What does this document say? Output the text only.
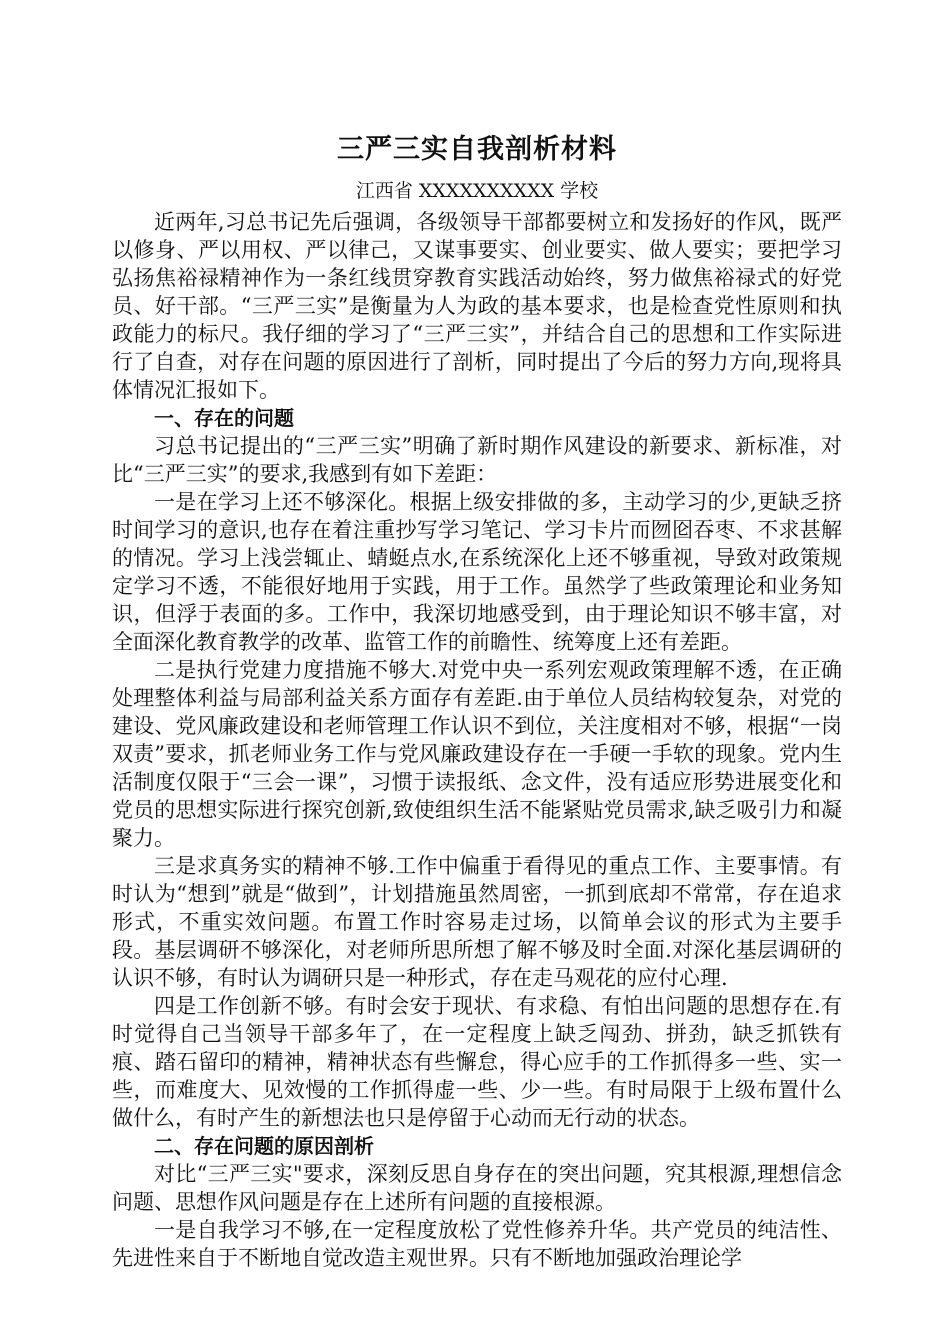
三严三实自我剖析材料
江西省 XXXXXXXXXX 学校

近两年,习总书记先后强调，各级领导干部都要树立和发扬好的作风，既严以修身、严以用权、严以律己，又谋事要实、创业要实、做人要实；要把学习弘扬焦裕禄精神作为一条红线贯穿教育实践活动始终，努力做焦裕禄式的好党员、好干部。“三严三实”是衡量为人为政的基本要求，也是检查党性原则和执政能力的标尺。我仔细的学习了“三严三实”，并结合自己的思想和工作实际进行了自查，对存在问题的原因进行了剖析，同时提出了今后的努力方向,现将具体情况汇报如下。

一、存在的问题

习总书记提出的“三严三实”明确了新时期作风建设的新要求、新标准，对比“三严三实”的要求,我感到有如下差距：

一是在学习上还不够深化。根据上级安排做的多，主动学习的少,更缺乏挤时间学习的意识,也存在着注重抄写学习笔记、学习卡片而囫囵吞枣、不求甚解的情况。学习上浅尝辄止、蜻蜓点水,在系统深化上还不够重视，导致对政策规定学习不透，不能很好地用于实践，用于工作。虽然学了些政策理论和业务知识，但浮于表面的多。工作中，我深切地感受到，由于理论知识不够丰富，对全面深化教育教学的改革、监管工作的前瞻性、统筹度上还有差距。

二是执行党建力度措施不够大.对党中央一系列宏观政策理解不透，在正确处理整体利益与局部利益关系方面存有差距.由于单位人员结构较复杂，对党的建设、党风廉政建设和老师管理工作认识不到位，关注度相对不够，根据“一岗双责”要求，抓老师业务工作与党风廉政建设存在一手硬一手软的现象。党内生活制度仅限于“三会一课”，习惯于读报纸、念文件，没有适应形势进展变化和党员的思想实际进行探究创新,致使组织生活不能紧贴党员需求,缺乏吸引力和凝聚力。

三是求真务实的精神不够.工作中偏重于看得见的重点工作、主要事情。有时认为“想到”就是“做到”，计划措施虽然周密，一抓到底却不常常，存在追求形式，不重实效问题。布置工作时容易走过场，以简单会议的形式为主要手段。基层调研不够深化，对老师所思所想了解不够及时全面.对深化基层调研的认识不够，有时认为调研只是一种形式，存在走马观花的应付心理.

四是工作创新不够。有时会安于现状、有求稳、有怕出问题的思想存在.有时觉得自己当领导干部多年了，在一定程度上缺乏闯劲、拼劲，缺乏抓铁有痕、踏石留印的精神，精神状态有些懈怠，得心应手的工作抓得多一些、实一些，而难度大、见效慢的工作抓得虚一些、少一些。有时局限于上级布置什么做什么，有时产生的新想法也只是停留于心动而无行动的状态。

二、存在问题的原因剖析

对比“三严三实"要求，深刻反思自身存在的突出问题，究其根源,理想信念问题、思想作风问题是存在上述所有问题的直接根源。

一是自我学习不够,在一定程度放松了党性修养升华。共产党员的纯洁性、先进性来自于不断地自觉改造主观世界。只有不断地加强政治理论学
